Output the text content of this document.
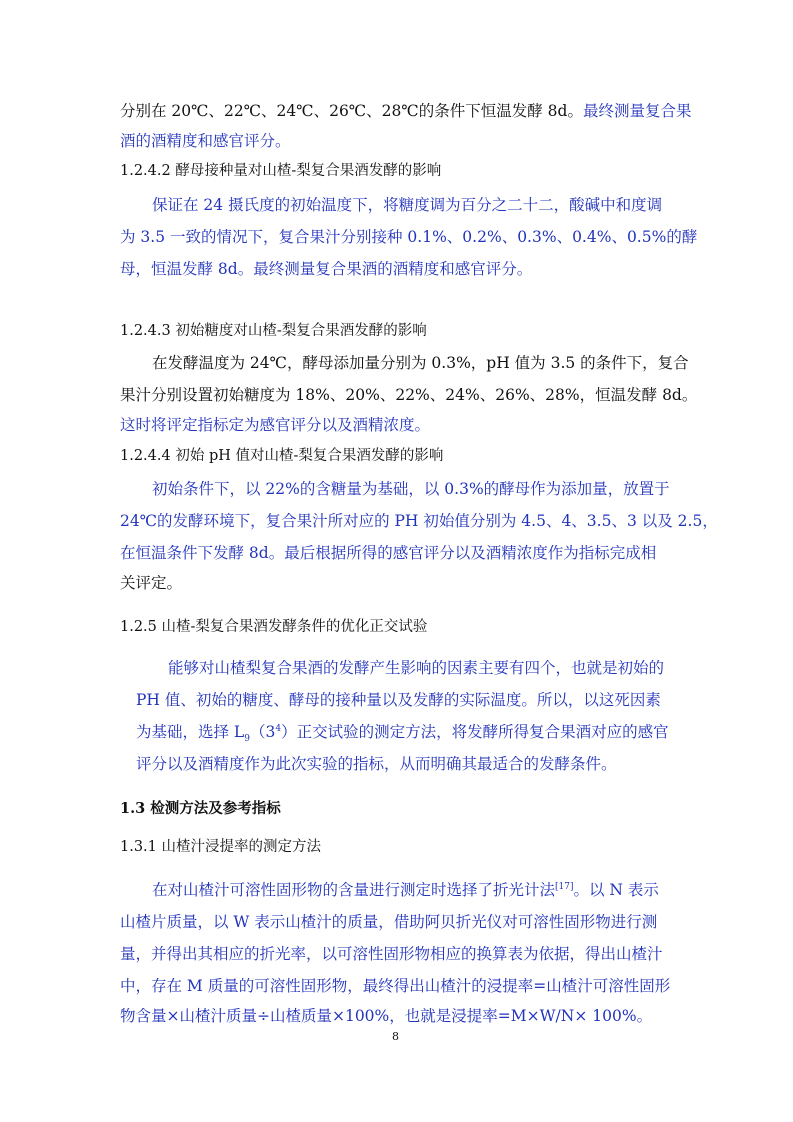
分别在 20℃、22℃、24℃、26℃、28℃的条件下恒温发酵 8d。最终测量复合果
酒的酒精度和感官评分。
1.2.4.2 酵母接种量对山楂-梨复合果酒发酵的影响
保证在 24 摄氏度的初始温度下，将糖度调为百分之二十二，酸碱中和度调
为 3.5 一致的情况下，复合果汁分别接种 0.1%、0.2%、0.3%、0.4%、0.5%的酵
母，恒温发酵 8d。最终测量复合果酒的酒精度和感官评分。
1.2.4.3 初始糖度对山楂-梨复合果酒发酵的影响
在发酵温度为 24℃，酵母添加量分别为 0.3%，pH 值为 3.5 的条件下，复合
果汁分别设置初始糖度为 18%、20%、22%、24%、26%、28%，恒温发酵 8d。
这时将评定指标定为感官评分以及酒精浓度。
1.2.4.4 初始 pH 值对山楂-梨复合果酒发酵的影响
初始条件下，以 22%的含糖量为基础，以 0.3%的酵母作为添加量，放置于
24℃的发酵环境下，复合果汁所对应的 PH 初始值分别为 4.5、4、3.5、3 以及 2.5，
在恒温条件下发酵 8d。最后根据所得的感官评分以及酒精浓度作为指标完成相
关评定。
1.2.5 山楂-梨复合果酒发酵条件的优化正交试验
能够对山楂梨复合果酒的发酵产生影响的因素主要有四个，也就是初始的
PH 值、初始的糖度、酵母的接种量以及发酵的实际温度。所以，以这死因素
为基础，选择 $L_9(3^4)$正交试验的测定方法，将发酵所得复合果酒对应的感官
评分以及酒精度作为此次实验的指标，从而明确其最适合的发酵条件。
1.3 检测方法及参考指标
1.3.1 山楂汁浸提率的测定方法
在对山楂汁可溶性固形物的含量进行测定时选择了折光计法[17]。以 N 表示
山楂片质量，以 W 表示山楂汁的质量，借助阿贝折光仪对可溶性固形物进行测
量，并得出其相应的折光率，以可溶性固形物相应的换算表为依据，得出山楂汁
中，存在 M 质量的可溶性固形物，最终得出山楂汁的浸提率=山楂汁可溶性固形
物含量×山楂汁质量÷山楂质量×100%，也就是浸提率=M×W/N× 100%。
8
